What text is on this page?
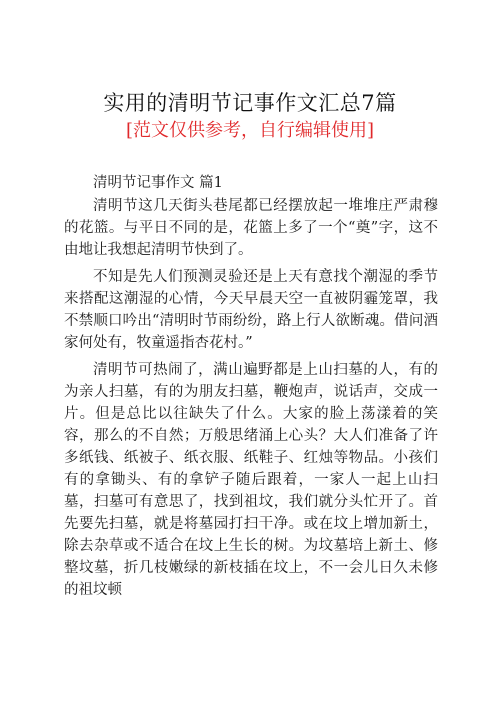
实用的清明节记事作文汇总7篇
[范文仅供参考，自行编辑使用]
清明节记事作文 篇1

清明节这几天街头巷尾都已经摆放起一堆堆庄严肃穆的花篮。与平日不同的是，花篮上多了一个“奠”字，这不由地让我想起清明节快到了。

不知是先人们预测灵验还是上天有意找个潮湿的季节来搭配这潮湿的心情，今天早晨天空一直被阴霾笼罩，我不禁顺口吟出“清明时节雨纷纷，路上行人欲断魂。借问酒家何处有，牧童遥指杏花村。”

清明节可热闹了，满山遍野都是上山扫墓的人，有的为亲人扫墓，有的为朋友扫墓，鞭炮声，说话声，交成一片。但是总比以往缺失了什么。大家的脸上荡漾着的笑容，那么的不自然；万般思绪涌上心头？大人们准备了许多纸钱、纸被子、纸衣服、纸鞋子、红烛等物品。小孩们有的拿锄头、有的拿铲子随后跟着，一家人一起上山扫墓，扫墓可有意思了，找到祖坟，我们就分头忙开了。首先要先扫墓，就是将墓园打扫干净。或在坟上增加新土，除去杂草或不适合在坟上生长的树。为坟墓培上新土、修整坟墓，折几枝嫩绿的新枝插在坟上，不一会儿日久未修的祖坟顿
